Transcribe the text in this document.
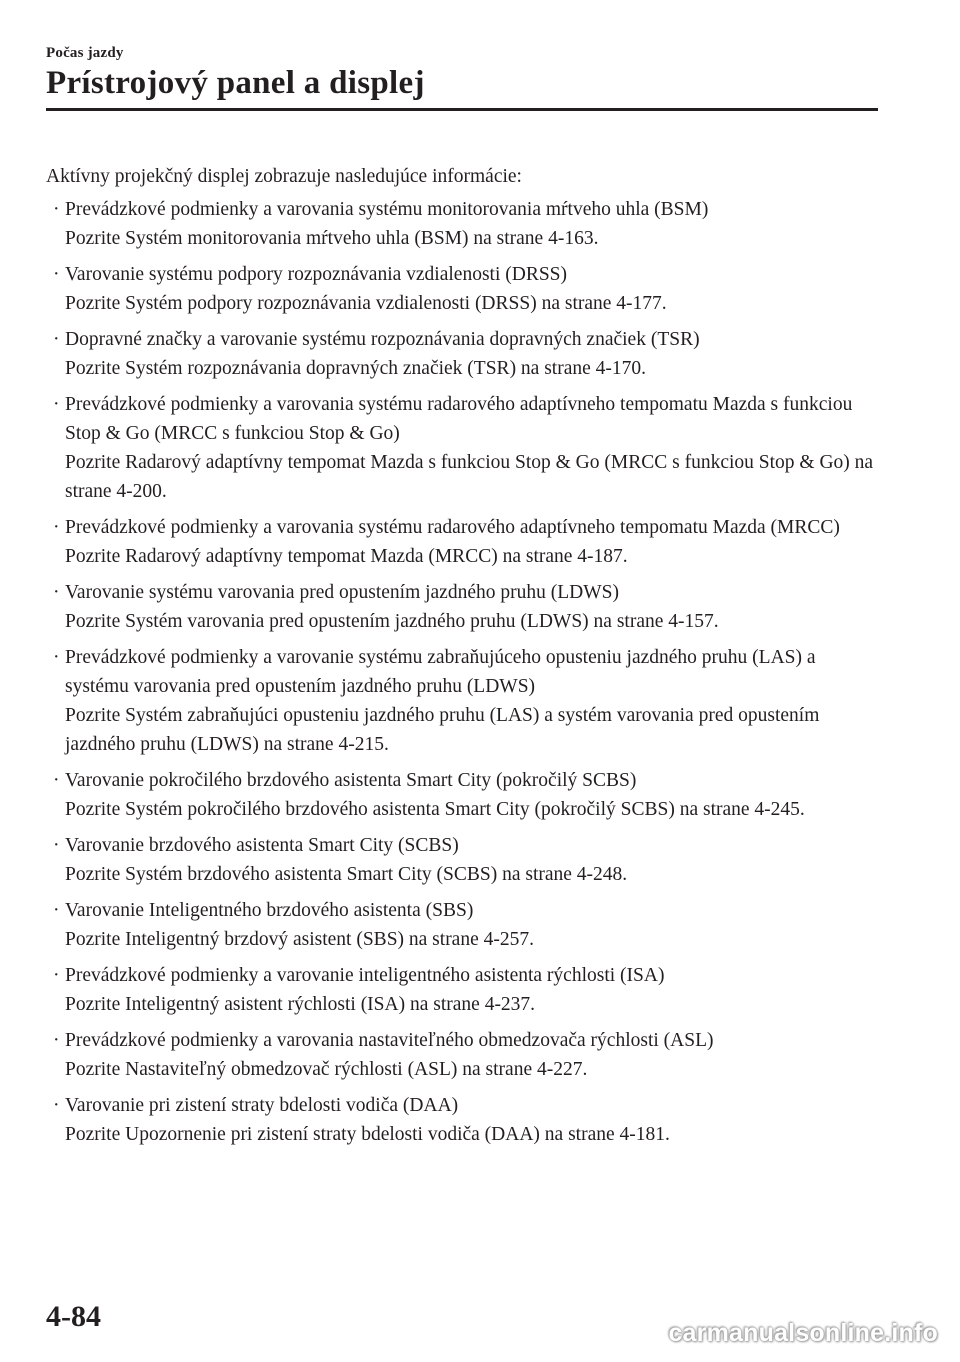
Počas jazdy
Prístrojový panel a displej

Aktívny projekčný displej zobrazuje nasledujúce informácie:

· Prevádzkové podmienky a varovania systému monitorovania mŕtveho uhla (BSM)
Pozrite Systém monitorovania mŕtveho uhla (BSM) na strane 4-163.
· Varovanie systému podpory rozpoznávania vzdialenosti (DRSS)
Pozrite Systém podpory rozpoznávania vzdialenosti (DRSS) na strane 4-177.
· Dopravné značky a varovanie systému rozpoznávania dopravných značiek (TSR)
Pozrite Systém rozpoznávania dopravných značiek (TSR) na strane 4-170.
· Prevádzkové podmienky a varovania systému radarového adaptívneho tempomatu Mazda s funkciou Stop & Go (MRCC s funkciou Stop & Go)
Pozrite Radarový adaptívny tempomat Mazda s funkciou Stop & Go (MRCC s funkciou Stop & Go) na strane 4-200.
· Prevádzkové podmienky a varovania systému radarového adaptívneho tempomatu Mazda (MRCC)
Pozrite Radarový adaptívny tempomat Mazda (MRCC) na strane 4-187.
· Varovanie systému varovania pred opustením jazdného pruhu (LDWS)
Pozrite Systém varovania pred opustením jazdného pruhu (LDWS) na strane 4-157.
· Prevádzkové podmienky a varovanie systému zabraňujúceho opusteniu jazdného pruhu (LAS) a systému varovania pred opustením jazdného pruhu (LDWS)
Pozrite Systém zabraňujúci opusteniu jazdného pruhu (LAS) a systém varovania pred opustením jazdného pruhu (LDWS) na strane 4-215.
· Varovanie pokročilého brzdového asistenta Smart City (pokročilý SCBS)
Pozrite Systém pokročilého brzdového asistenta Smart City (pokročilý SCBS) na strane 4-245.
· Varovanie brzdového asistenta Smart City (SCBS)
Pozrite Systém brzdového asistenta Smart City (SCBS) na strane 4-248.
· Varovanie Inteligentného brzdového asistenta (SBS)
Pozrite Inteligentný brzdový asistent (SBS) na strane 4-257.
· Prevádzkové podmienky a varovanie inteligentného asistenta rýchlosti (ISA)
Pozrite Inteligentný asistent rýchlosti (ISA) na strane 4-237.
· Prevádzkové podmienky a varovania nastaviteľného obmedzovača rýchlosti (ASL)
Pozrite Nastaviteľný obmedzovač rýchlosti (ASL) na strane 4-227.
· Varovanie pri zistení straty bdelosti vodiča (DAA)
Pozrite Upozornenie pri zistení straty bdelosti vodiča (DAA) na strane 4-181.
4-84	carmanualsonline.info
